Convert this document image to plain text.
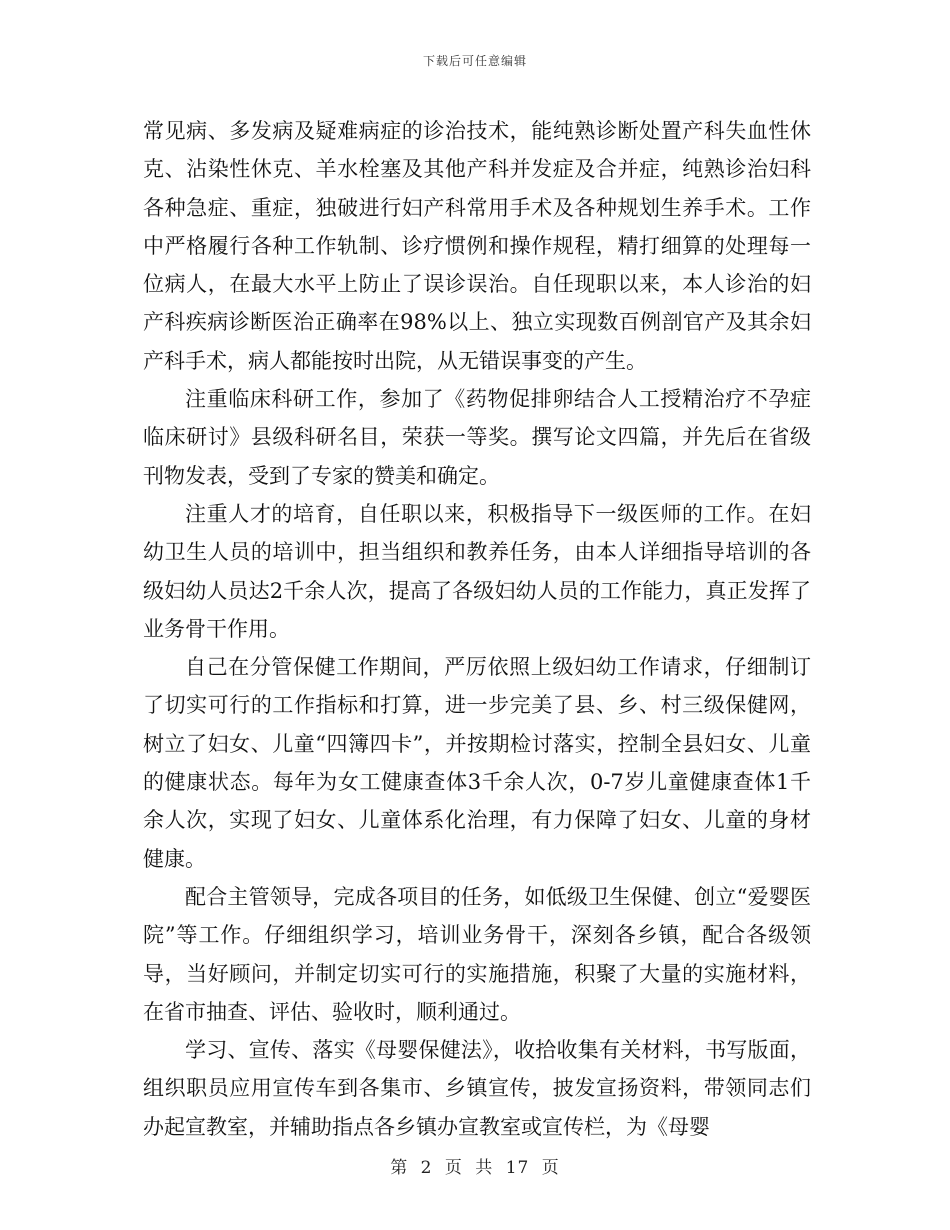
下载后可任意编辑

常见病、多发病及疑难病症的诊治技术，能纯熟诊断处置产科失血性休克、沾染性休克、羊水栓塞及其他产科并发症及合并症，纯熟诊治妇科各种急症、重症，独破进行妇产科常用手术及各种规划生养手术。工作中严格履行各种工作轨制、诊疗惯例和操作规程，精打细算的处理每一位病人，在最大水平上防止了误诊误治。自任现职以来，本人诊治的妇产科疾病诊断医治正确率在98%以上、独立实现数百例剖官产及其余妇产科手术，病人都能按时出院，从无错误事变的产生。

注重临床科研工作，参加了《药物促排卵结合人工授精治疗不孕症临床研讨》县级科研名目，荣获一等奖。撰写论文四篇，并先后在省级刊物发表，受到了专家的赞美和确定。

注重人才的培育，自任职以来，积极指导下一级医师的工作。在妇幼卫生人员的培训中，担当组织和教养任务，由本人详细指导培训的各级妇幼人员达2千余人次，提高了各级妇幼人员的工作能力，真正发挥了业务骨干作用。

自己在分管保健工作期间，严厉依照上级妇幼工作请求，仔细制订了切实可行的工作指标和打算，进一步完美了县、乡、村三级保健网，树立了妇女、儿童“四簿四卡”，并按期检讨落实，控制全县妇女、儿童的健康状态。每年为女工健康查体3千余人次，0-7岁儿童健康查体1千余人次，实现了妇女、儿童体系化治理，有力保障了妇女、儿童的身材健康。

配合主管领导，完成各项目的任务，如低级卫生保健、创立“爱婴医院”等工作。仔细组织学习，培训业务骨干，深刻各乡镇，配合各级领导，当好顾问，并制定切实可行的实施措施，积聚了大量的实施材料，在省市抽查、评估、验收时，顺利通过。

学习、宣传、落实《母婴保健法》，收拾收集有关材料，书写版面，组织职员应用宣传车到各集市、乡镇宣传，披发宣扬资料，带领同志们办起宣教室，并辅助指点各乡镇办宣教室或宣传栏，为《母婴

第 2 页 共 17 页
